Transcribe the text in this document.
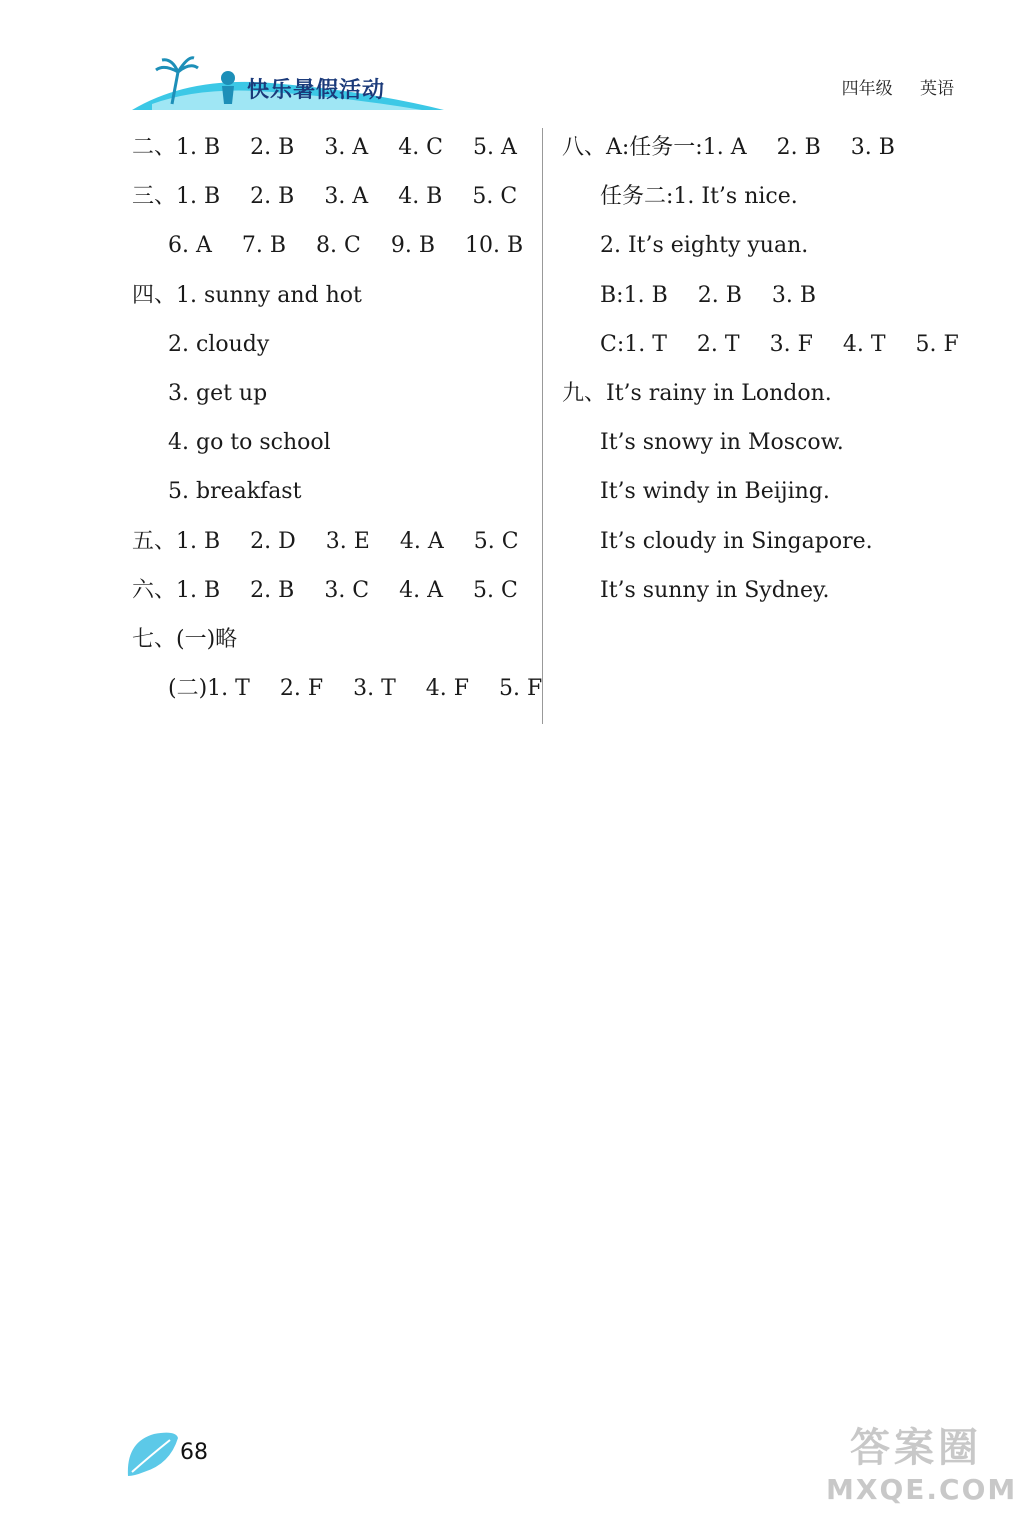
快乐暑假活动	四年级 英语
二、1. B 2. B 3. A 4. C 5. A
三、1. B 2. B 3. A 4. B 5. C
6. A 7. B 8. C 9. B 10. B
四、1. sunny and hot
2. cloudy
3. get up
4. go to school
5. breakfast
五、1. B 2. D 3. E 4. A 5. C
六、1. B 2. B 3. C 4. A 5. C
七、(一)略
(二)1. T 2. F 3. T 4. F 5. F
八、A:任务一:1. A 2. B 3. B
任务二:1. It’s nice.
2. It’s eighty yuan.
B:1. B 2. B 3. B
C:1. T 2. T 3. F 4. T 5. F
九、It’s rainy in London.
It’s snowy in Moscow.
It’s windy in Beijing.
It’s cloudy in Singapore.
It’s sunny in Sydney.
68	答案圈
MXQE.COM
